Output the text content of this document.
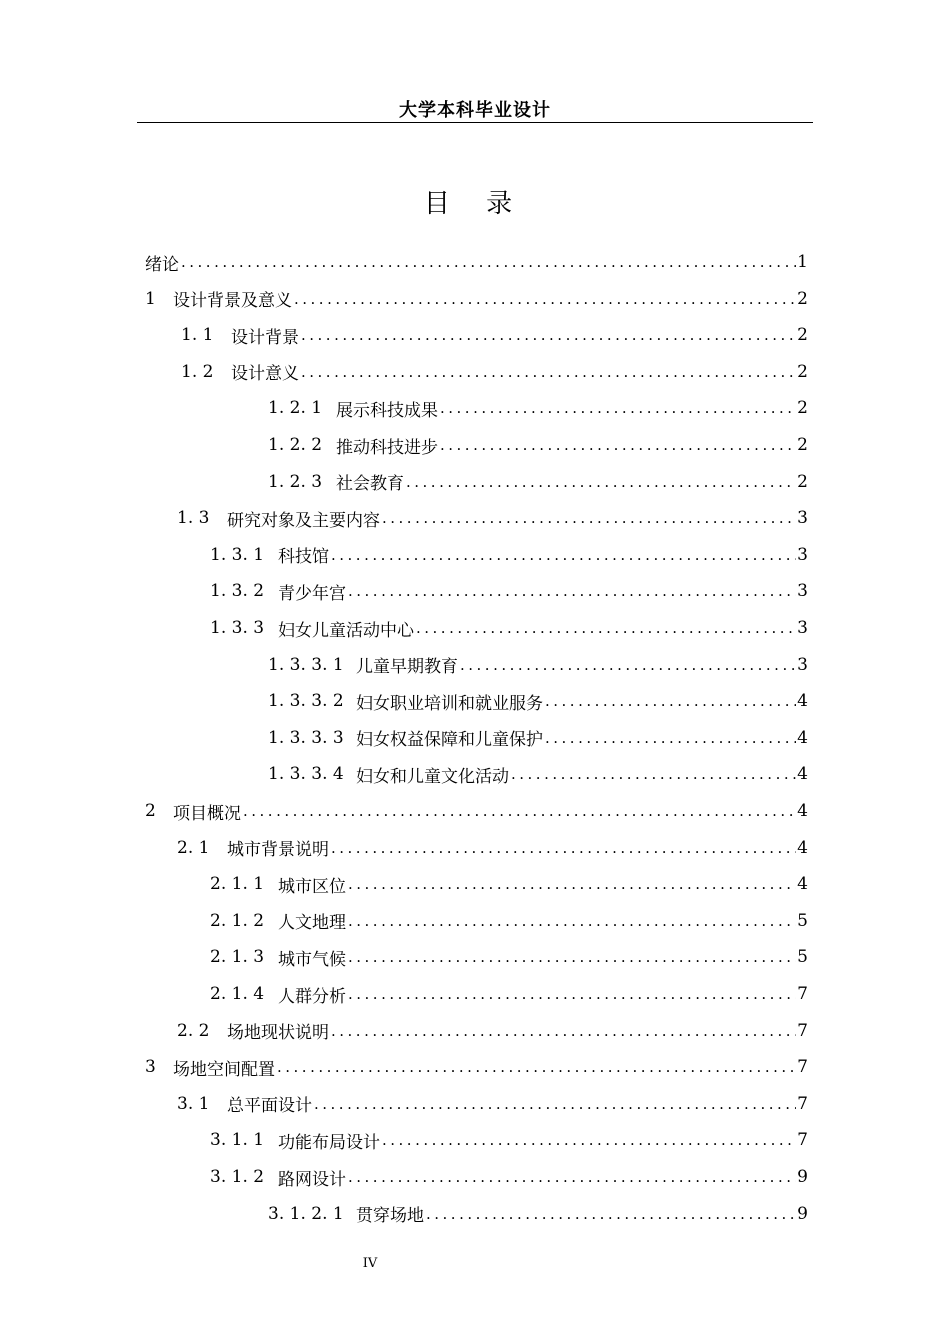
大学本科毕业设计
目 录
绪论 .....	1
1	设计背景及意义 .....	2
1. 1	设计背景 .....	2
1. 2	设计意义 .....	2
1. 2. 1 展示科技成果 .....	2
1. 2. 2 推动科技进步 .....	2
1. 2. 3 社会教育 .....	2
1. 3	研究对象及主要内容 .....	3
1. 3. 1 科技馆 .....	3
1. 3. 2 青少年宫 .....	3
1. 3. 3 妇女儿童活动中心 .....	3
1. 3. 3. 1 儿童早期教育 .....	3
1. 3. 3. 2 妇女职业培训和就业服务 .....	4
1. 3. 3. 3 妇女权益保障和儿童保护 .....	4
1. 3. 3. 4 妇女和儿童文化活动 .....	4
2	项目概况 .....	4
2. 1	城市背景说明 .....	4
2. 1. 1 城市区位 .....	4
2. 1. 2 人文地理 .....	5
2. 1. 3 城市气候 .....	5
2. 1. 4 人群分析 .....	7
2. 2	场地现状说明 .....	7
3	场地空间配置 .....	7
3. 1	总平面设计 .....	7
3. 1. 1 功能布局设计 .....	7
3. 1. 2 路网设计 .....	9
3. 1. 2. 1 贯穿场地 .....	9
IV
